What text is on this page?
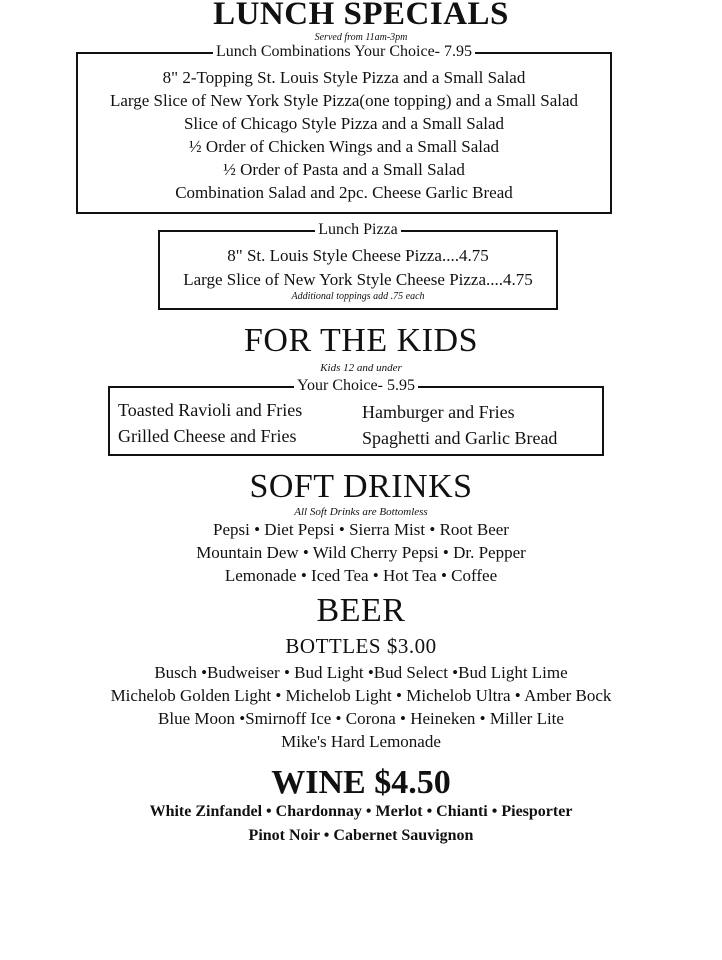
LUNCH SPECIALS
Served from 11am-3pm
Lunch Combinations Your Choice- 7.95
8" 2-Topping St. Louis Style Pizza and a Small Salad
Large Slice of New York Style Pizza(one topping) and a Small Salad
Slice of Chicago Style Pizza and a Small Salad
½ Order of Chicken Wings and a Small Salad
½ Order of Pasta and a Small Salad
Combination Salad and 2pc. Cheese Garlic Bread
Lunch Pizza
8" St. Louis Style Cheese Pizza....4.75
Large Slice of New York Style Cheese Pizza....4.75
Additional toppings add .75 each
FOR THE KIDS
Kids 12 and under
Your Choice- 5.95
Toasted Ravioli and Fries	Hamburger and Fries
Grilled Cheese and Fries	Spaghetti and Garlic Bread
SOFT DRINKS
All Soft Drinks are Bottomless
Pepsi • Diet Pepsi • Sierra Mist • Root Beer
Mountain Dew • Wild Cherry Pepsi • Dr. Pepper
Lemonade • Iced Tea • Hot Tea • Coffee
BEER
BOTTLES $3.00
Busch •Budweiser • Bud Light •Bud Select •Bud Light Lime
Michelob Golden Light • Michelob Light • Michelob Ultra • Amber Bock
Blue Moon •Smirnoff Ice • Corona • Heineken • Miller Lite
Mike's Hard Lemonade
WINE $4.50
White Zinfandel • Chardonnay • Merlot • Chianti • Piesporter
Pinot Noir • Cabernet Sauvignon
